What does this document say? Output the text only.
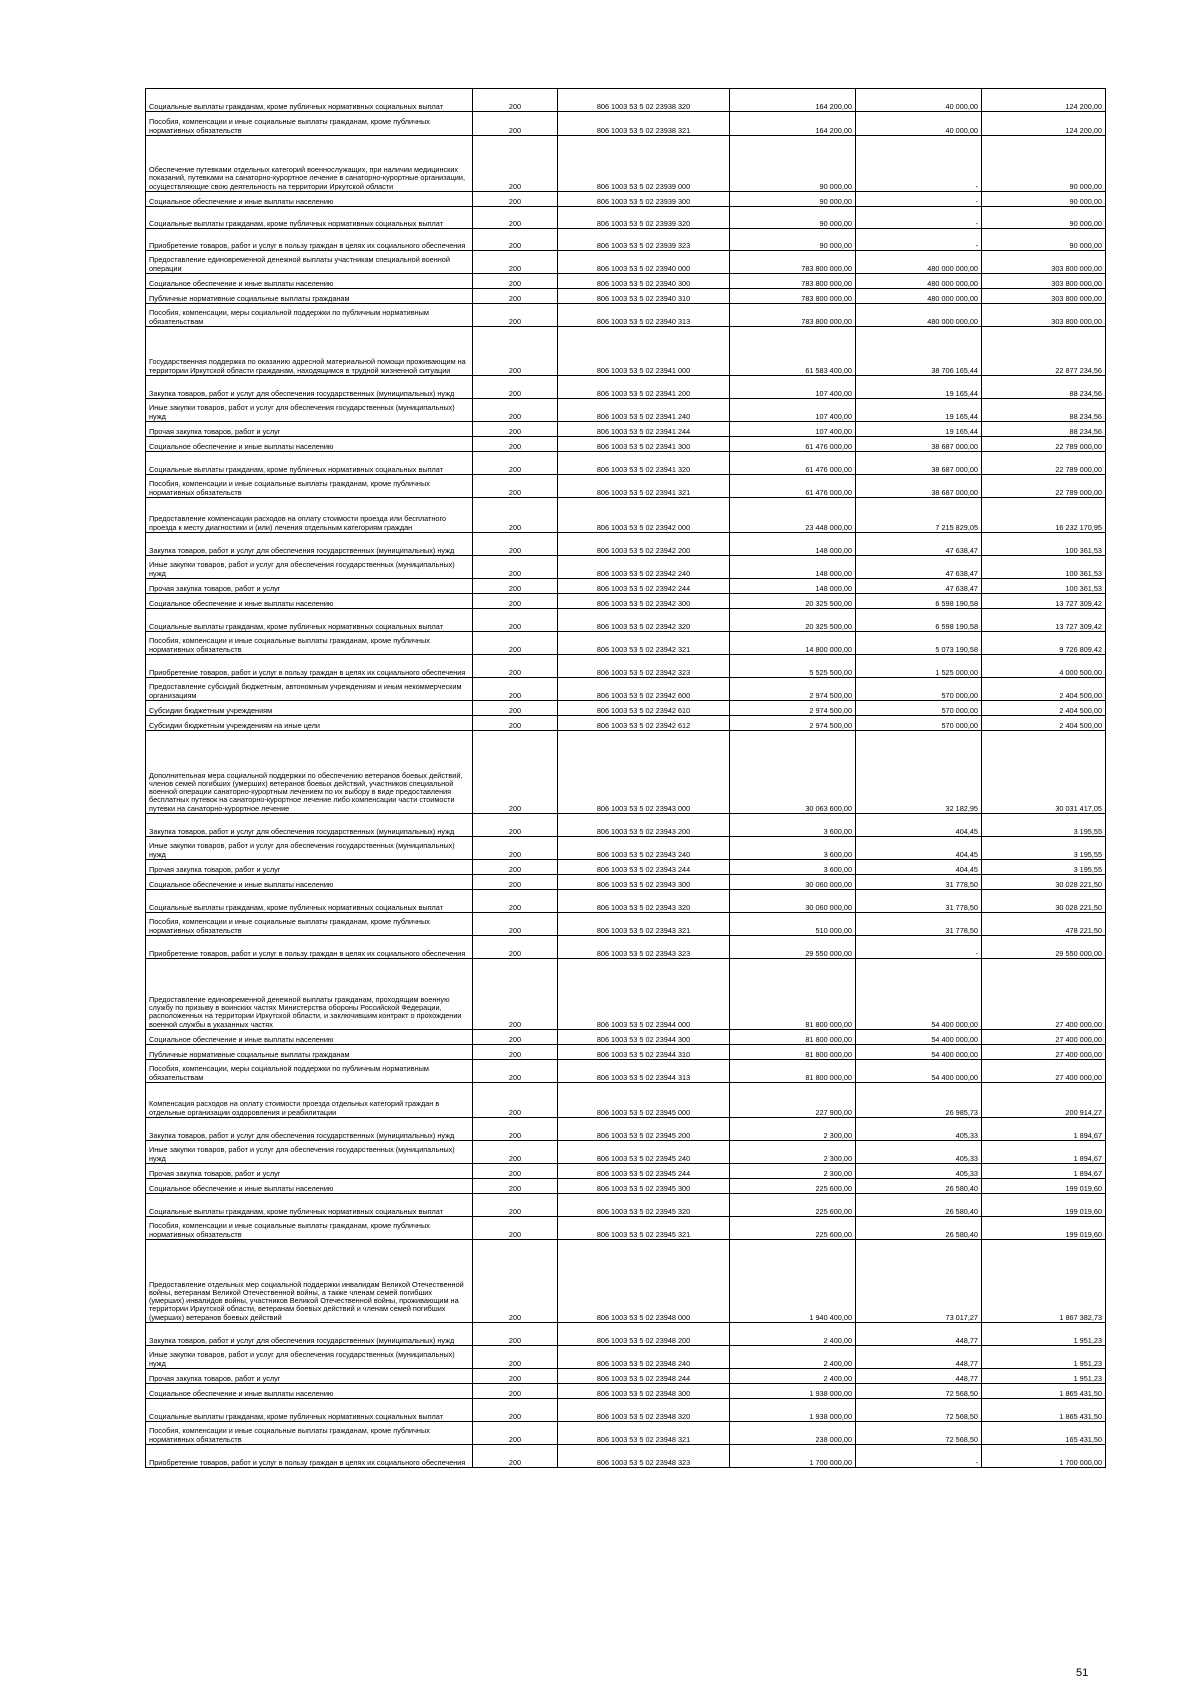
Социальные выплаты гражданам, кроме публичных нормативных социальных выплат	200	806 1003 53 5 02 23938 320	164 200,00	40 000,00	124 200,00
Пособия, компенсации и иные социальные выплаты гражданам, кроме публичных нормативных обязательств	200	806 1003 53 5 02 23938 321	164 200,00	40 000,00	124 200,00
Обеспечение путевками отдельных категорий военнослужащих, при наличии медицинских показаний, путевками на санаторно-курортное лечение в санаторно-курортные организации, осуществляющие свою деятельность на территории Иркутской области	200	806 1003 53 5 02 23939 000	90 000,00	-	90 000,00
Социальное обеспечение и иные выплаты населению	200	806 1003 53 5 02 23939 300	90 000,00	-	90 000,00
Социальные выплаты гражданам, кроме публичных нормативных социальных выплат	200	806 1003 53 5 02 23939 320	90 000,00	-	90 000,00
Приобретение товаров, работ и услуг в пользу граждан в целях их социального обеспечения	200	806 1003 53 5 02 23939 323	90 000,00	-	90 000,00
Предоставление единовременной денежной выплаты участникам специальной военной операции	200	806 1003 53 5 02 23940 000	783 800 000,00	480 000 000,00	303 800 000,00
Социальное обеспечение и иные выплаты населению	200	806 1003 53 5 02 23940 300	783 800 000,00	480 000 000,00	303 800 000,00
Публичные нормативные социальные выплаты гражданам	200	806 1003 53 5 02 23940 310	783 800 000,00	480 000 000,00	303 800 000,00
Пособия, компенсации, меры социальной поддержки по публичным нормативным обязательствам	200	806 1003 53 5 02 23940 313	783 800 000,00	480 000 000,00	303 800 000,00
Государственная поддержка по оказанию адресной материальной помощи проживающим на территории Иркутской области гражданам, находящимся в трудной жизненной ситуации	200	806 1003 53 5 02 23941 000	61 583 400,00	38 706 165,44	22 877 234,56
Закупка товаров, работ и услуг для обеспечения государственных (муниципальных) нужд	200	806 1003 53 5 02 23941 200	107 400,00	19 165,44	88 234,56
Иные закупки товаров, работ и услуг для обеспечения государственных (муниципальных) нужд	200	806 1003 53 5 02 23941 240	107 400,00	19 165,44	88 234,56
Прочая закупка товаров, работ и услуг	200	806 1003 53 5 02 23941 244	107 400,00	19 165,44	88 234,56
Социальное обеспечение и иные выплаты населению	200	806 1003 53 5 02 23941 300	61 476 000,00	38 687 000,00	22 789 000,00
Социальные выплаты гражданам, кроме публичных нормативных социальных выплат	200	806 1003 53 5 02 23941 320	61 476 000,00	38 687 000,00	22 789 000,00
Пособия, компенсации и иные социальные выплаты гражданам, кроме публичных нормативных обязательств	200	806 1003 53 5 02 23941 321	61 476 000,00	38 687 000,00	22 789 000,00
Предоставление компенсации расходов на оплату стоимости проезда или бесплатного проезда к месту диагностики и (или) лечения отдельным категориям граждан	200	806 1003 53 5 02 23942 000	23 448 000,00	7 215 829,05	16 232 170,95
Закупка товаров, работ и услуг для обеспечения государственных (муниципальных) нужд	200	806 1003 53 5 02 23942 200	148 000,00	47 638,47	100 361,53
Иные закупки товаров, работ и услуг для обеспечения государственных (муниципальных) нужд	200	806 1003 53 5 02 23942 240	148 000,00	47 638,47	100 361,53
Прочая закупка товаров, работ и услуг	200	806 1003 53 5 02 23942 244	148 000,00	47 638,47	100 361,53
Социальное обеспечение и иные выплаты населению	200	806 1003 53 5 02 23942 300	20 325 500,00	6 598 190,58	13 727 309,42
Социальные выплаты гражданам, кроме публичных нормативных социальных выплат	200	806 1003 53 5 02 23942 320	20 325 500,00	6 598 190,58	13 727 309,42
Пособия, компенсации и иные социальные выплаты гражданам, кроме публичных нормативных обязательств	200	806 1003 53 5 02 23942 321	14 800 000,00	5 073 190,58	9 726 809,42
Приобретение товаров, работ и услуг в пользу граждан в целях их социального обеспечения	200	806 1003 53 5 02 23942 323	5 525 500,00	1 525 000,00	4 000 500,00
Предоставление субсидий бюджетным, автономным учреждениям и иным некоммерческим организациям	200	806 1003 53 5 02 23942 600	2 974 500,00	570 000,00	2 404 500,00
Субсидии бюджетным учреждениям	200	806 1003 53 5 02 23942 610	2 974 500,00	570 000,00	2 404 500,00
Субсидии бюджетным учреждениям на иные цели	200	806 1003 53 5 02 23942 612	2 974 500,00	570 000,00	2 404 500,00
Дополнительная мера социальной поддержки по обеспечению ветеранов боевых действий, членов семей погибших (умерших) ветеранов боевых действий, участников специальной военной операции санаторно-курортным лечением по их выбору в виде предоставления бесплатных путевок на санаторно-курортное лечение либо компенсации части стоимости путевки на санаторно-курортное лечение	200	806 1003 53 5 02 23943 000	30 063 600,00	32 182,95	30 031 417,05
Закупка товаров, работ и услуг для обеспечения государственных (муниципальных) нужд	200	806 1003 53 5 02 23943 200	3 600,00	404,45	3 195,55
Иные закупки товаров, работ и услуг для обеспечения государственных (муниципальных) нужд	200	806 1003 53 5 02 23943 240	3 600,00	404,45	3 195,55
Прочая закупка товаров, работ и услуг	200	806 1003 53 5 02 23943 244	3 600,00	404,45	3 195,55
Социальное обеспечение и иные выплаты населению	200	806 1003 53 5 02 23943 300	30 060 000,00	31 778,50	30 028 221,50
Социальные выплаты гражданам, кроме публичных нормативных социальных выплат	200	806 1003 53 5 02 23943 320	30 060 000,00	31 778,50	30 028 221,50
Пособия, компенсации и иные социальные выплаты гражданам, кроме публичных нормативных обязательств	200	806 1003 53 5 02 23943 321	510 000,00	31 778,50	478 221,50
Приобретение товаров, работ и услуг в пользу граждан в целях их социального обеспечения	200	806 1003 53 5 02 23943 323	29 550 000,00	-	29 550 000,00
Предоставление единовременной денежной выплаты гражданам, проходящим военную службу по призыву в воинских частях Министерства обороны Российской Федерации, расположенных на территории Иркутской области, и заключившим контракт о прохождении военной службы в указанных частях	200	806 1003 53 5 02 23944 000	81 800 000,00	54 400 000,00	27 400 000,00
Социальное обеспечение и иные выплаты населению	200	806 1003 53 5 02 23944 300	81 800 000,00	54 400 000,00	27 400 000,00
Публичные нормативные социальные выплаты гражданам	200	806 1003 53 5 02 23944 310	81 800 000,00	54 400 000,00	27 400 000,00
Пособия, компенсации, меры социальной поддержки по публичным нормативным обязательствам	200	806 1003 53 5 02 23944 313	81 800 000,00	54 400 000,00	27 400 000,00
Компенсация расходов на оплату стоимости проезда отдельных категорий граждан в отдельные организации оздоровления и реабилитации	200	806 1003 53 5 02 23945 000	227 900,00	26 985,73	200 914,27
Закупка товаров, работ и услуг для обеспечения государственных (муниципальных) нужд	200	806 1003 53 5 02 23945 200	2 300,00	405,33	1 894,67
Иные закупки товаров, работ и услуг для обеспечения государственных (муниципальных) нужд	200	806 1003 53 5 02 23945 240	2 300,00	405,33	1 894,67
Прочая закупка товаров, работ и услуг	200	806 1003 53 5 02 23945 244	2 300,00	405,33	1 894,67
Социальное обеспечение и иные выплаты населению	200	806 1003 53 5 02 23945 300	225 600,00	26 580,40	199 019,60
Социальные выплаты гражданам, кроме публичных нормативных социальных выплат	200	806 1003 53 5 02 23945 320	225 600,00	26 580,40	199 019,60
Пособия, компенсации и иные социальные выплаты гражданам, кроме публичных нормативных обязательств	200	806 1003 53 5 02 23945 321	225 600,00	26 580,40	199 019,60
Предоставление отдельных мер социальной поддержки инвалидам Великой Отечественной войны, ветеранам Великой Отечественной войны, а также членам семей погибших (умерших) инвалидов войны, участников Великой Отечественной войны, проживающим на территории Иркутской области, ветеранам боевых действий и членам семей погибших (умерших) ветеранов боевых действий	200	806 1003 53 5 02 23948 000	1 940 400,00	73 017,27	1 867 382,73
Закупка товаров, работ и услуг для обеспечения государственных (муниципальных) нужд	200	806 1003 53 5 02 23948 200	2 400,00	448,77	1 951,23
Иные закупки товаров, работ и услуг для обеспечения государственных (муниципальных) нужд	200	806 1003 53 5 02 23948 240	2 400,00	448,77	1 951,23
Прочая закупка товаров, работ и услуг	200	806 1003 53 5 02 23948 244	2 400,00	448,77	1 951,23
Социальное обеспечение и иные выплаты населению	200	806 1003 53 5 02 23948 300	1 938 000,00	72 568,50	1 865 431,50
Социальные выплаты гражданам, кроме публичных нормативных социальных выплат	200	806 1003 53 5 02 23948 320	1 938 000,00	72 568,50	1 865 431,50
Пособия, компенсации и иные социальные выплаты гражданам, кроме публичных нормативных обязательств	200	806 1003 53 5 02 23948 321	238 000,00	72 568,50	165 431,50
Приобретение товаров, работ и услуг в пользу граждан в целях их социального обеспечения	200	806 1003 53 5 02 23948 323	1 700 000,00	-	1 700 000,00
51
